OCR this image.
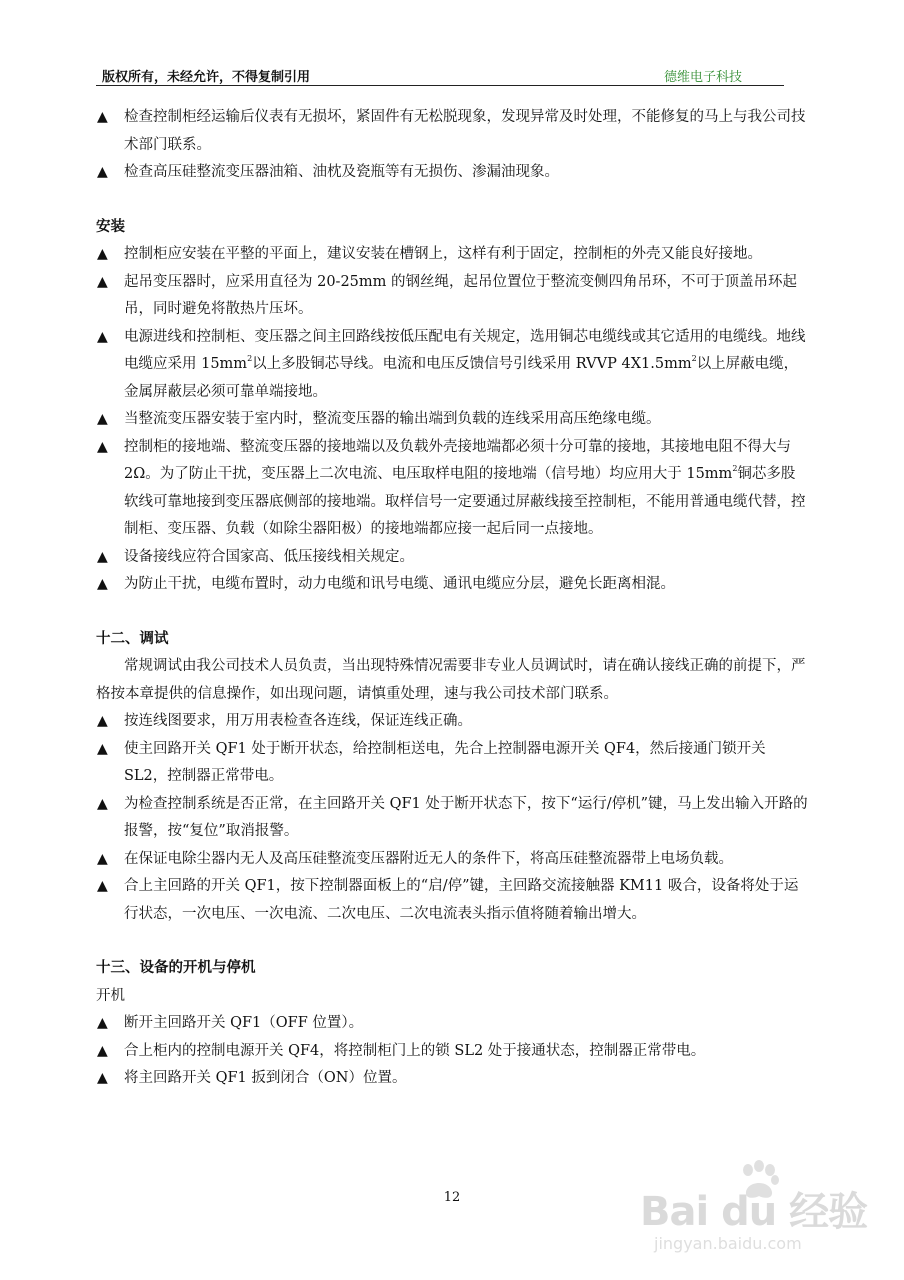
版权所有，未经允许，不得复制引用	德维电子科技

▲ 检查控制柜经运输后仪表有无损坏，紧固件有无松脱现象，发现异常及时处理，不能修复的马上与我公司技术部门联系。

▲ 检查高压硅整流变压器油箱、油枕及瓷瓶等有无损伤、渗漏油现象。

安装

▲ 控制柜应安装在平整的平面上，建议安装在槽钢上，这样有利于固定，控制柜的外壳又能良好接地。

▲ 起吊变压器时，应采用直径为 20-25mm 的钢丝绳，起吊位置位于整流变侧四角吊环，不可于顶盖吊环起吊，同时避免将散热片压坏。

▲ 电源进线和控制柜、变压器之间主回路线按低压配电有关规定，选用铜芯电缆线或其它适用的电缆线。地线电缆应采用 $15mm^2$以上多股铜芯导线。电流和电压反馈信号引线采用 RVVP $4X1.5mm^2$以上屏蔽电缆，金属屏蔽层必须可靠单端接地。

▲ 当整流变压器安装于室内时，整流变压器的输出端到负载的连线采用高压绝缘电缆。

▲ 控制柜的接地端、整流变压器的接地端以及负载外壳接地端都必须十分可靠的接地，其接地电阻不得大与 2Ω。为了防止干扰，变压器上二次电流、电压取样电阻的接地端（信号地）均应用大于 $15mm^2$铜芯多股软线可靠地接到变压器底侧部的接地端。取样信号一定要通过屏蔽线接至控制柜，不能用普通电缆代替，控制柜、变压器、负载（如除尘器阳极）的接地端都应接一起后同一点接地。

▲ 设备接线应符合国家高、低压接线相关规定。

▲ 为防止干扰，电缆布置时，动力电缆和讯号电缆、通讯电缆应分层，避免长距离相混。

十二、调试

常规调试由我公司技术人员负责，当出现特殊情况需要非专业人员调试时，请在确认接线正确的前提下，严格按本章提供的信息操作，如出现问题，请慎重处理，速与我公司技术部门联系。

▲ 按连线图要求，用万用表检查各连线，保证连线正确。

▲ 使主回路开关 QF1 处于断开状态，给控制柜送电，先合上控制器电源开关 QF4，然后接通门锁开关 SL2，控制器正常带电。

▲ 为检查控制系统是否正常，在主回路开关 QF1 处于断开状态下，按下“运行/停机”键，马上发出输入开路的报警，按“复位”取消报警。

▲ 在保证电除尘器内无人及高压硅整流变压器附近无人的条件下，将高压硅整流器带上电场负载。

▲ 合上主回路的开关 QF1，按下控制器面板上的“启/停”键，主回路交流接触器 KM11 吸合，设备将处于运行状态，一次电压、一次电流、二次电压、二次电流表头指示值将随着输出增大。

十三、设备的开机与停机

开机

▲ 断开主回路开关 QF1（OFF 位置）。

▲ 合上柜内的控制电源开关 QF4，将控制柜门上的锁 SL2 处于接通状态，控制器正常带电。

▲ 将主回路开关 QF1 扳到闭合（ON）位置。

12	Bai du 经验
jingyan.baidu.com
